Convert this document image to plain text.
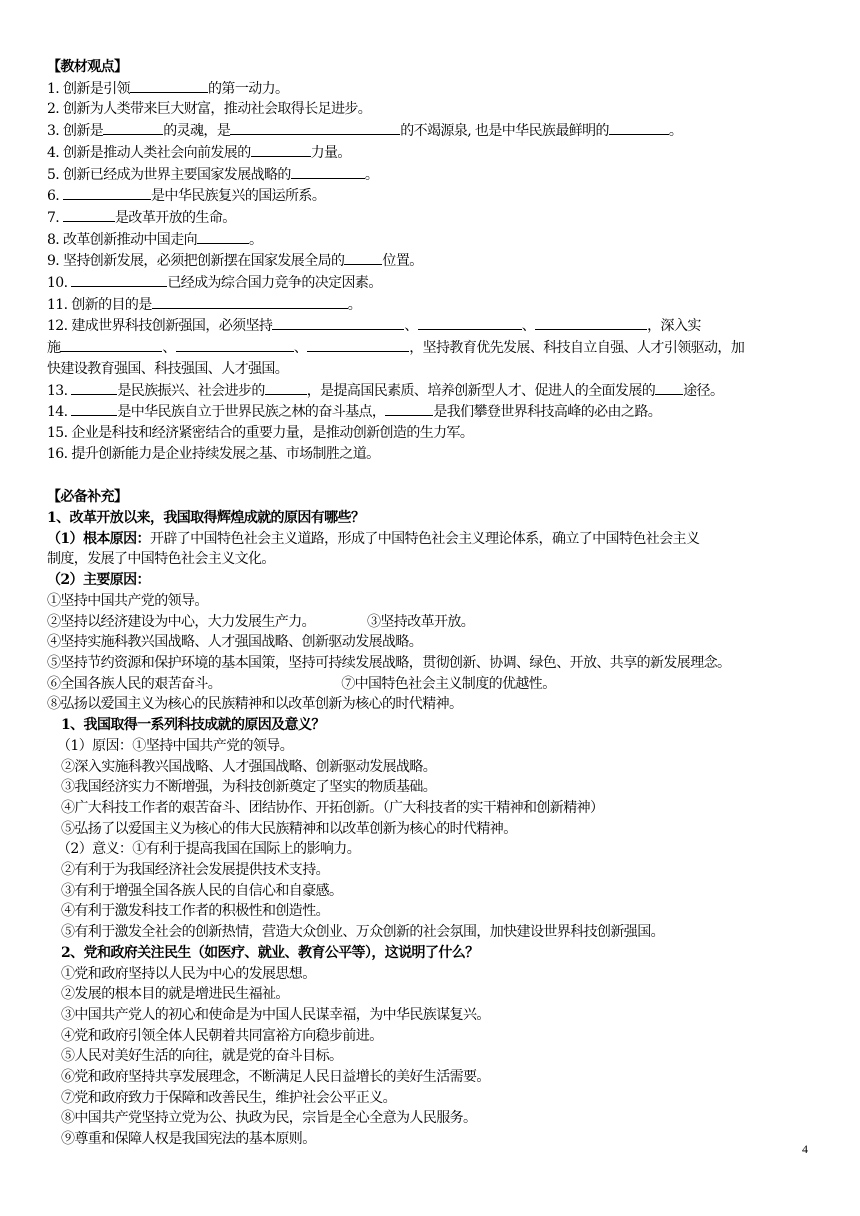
【教材观点】
1. 创新是引领	的第一动力。
2. 创新为人类带来巨大财富，推动社会取得长足进步。
3. 创新是	的灵魂，是	的不竭源泉, 也是中华民族最鲜明的	。
4. 创新是推动人类社会向前发展的	力量。
5. 创新已经成为世界主要国家发展战略的	。
6.	是中华民族复兴的国运所系。
7.	是改革开放的生命。
8. 改革创新推动中国走向	。
9. 坚持创新发展，必须把创新摆在国家发展全局的	位置。
10.	已经成为综合国力竞争的决定因素。
11. 创新的目的是	。
12. 建成世界科技创新强国，必须坚持	、	、	，深入实
施	、	、	，坚持教育优先发展、科技自立自强、人才引领驱动，加
快建设教育强国、科技强国、人才强国。
13.	是民族振兴、社会进步的	，是提高国民素质、培养创新型人才、促进人的全面发展的 途径。
14.	是中华民族自立于世界民族之林的奋斗基点，	是我们攀登世界科技高峰的必由之路。
15. 企业是科技和经济紧密结合的重要力量，是推动创新创造的生力军。
16. 提升创新能力是企业持续发展之基、市场制胜之道。
【必备补充】
1、改革开放以来，我国取得辉煌成就的原因有哪些？
（1）根本原因：开辟了中国特色社会主义道路，形成了中国特色社会主义理论体系，确立了中国特色社会主义
制度，发展了中国特色社会主义文化。
（2）主要原因：
①坚持中国共产党的领导。
②坚持以经济建设为中心，大力发展生产力。	③坚持改革开放。
④坚持实施科教兴国战略、人才强国战略、创新驱动发展战略。
⑤坚持节约资源和保护环境的基本国策，坚持可持续发展战略，贯彻创新、协调、绿色、开放、共享的新发展理念。
⑥全国各族人民的艰苦奋斗。	⑦中国特色社会主义制度的优越性。
⑧弘扬以爱国主义为核心的民族精神和以改革创新为核心的时代精神。
1、我国取得一系列科技成就的原因及意义？
（1）原因：①坚持中国共产党的领导。
②深入实施科教兴国战略、人才强国战略、创新驱动发展战略。
③我国经济实力不断增强，为科技创新奠定了坚实的物质基础。
④广大科技工作者的艰苦奋斗、团结协作、开拓创新。（广大科技者的实干精神和创新精神）
⑤弘扬了以爱国主义为核心的伟大民族精神和以改革创新为核心的时代精神。
（2）意义：①有利于提高我国在国际上的影响力。
②有利于为我国经济社会发展提供技术支持。
③有利于增强全国各族人民的自信心和自豪感。
④有利于激发科技工作者的积极性和创造性。
⑤有利于激发全社会的创新热情，营造大众创业、万众创新的社会氛围，加快建设世界科技创新强国。
2、党和政府关注民生（如医疗、就业、教育公平等），这说明了什么？
①党和政府坚持以人民为中心的发展思想。
②发展的根本目的就是增进民生福祉。
③中国共产党人的初心和使命是为中国人民谋幸福，为中华民族谋复兴。
④党和政府引领全体人民朝着共同富裕方向稳步前进。
⑤人民对美好生活的向往，就是党的奋斗目标。
⑥党和政府坚持共享发展理念，不断满足人民日益增长的美好生活需要。
⑦党和政府致力于保障和改善民生，维护社会公平正义。
⑧中国共产党坚持立党为公、执政为民，宗旨是全心全意为人民服务。
⑨尊重和保障人权是我国宪法的基本原则。
4
